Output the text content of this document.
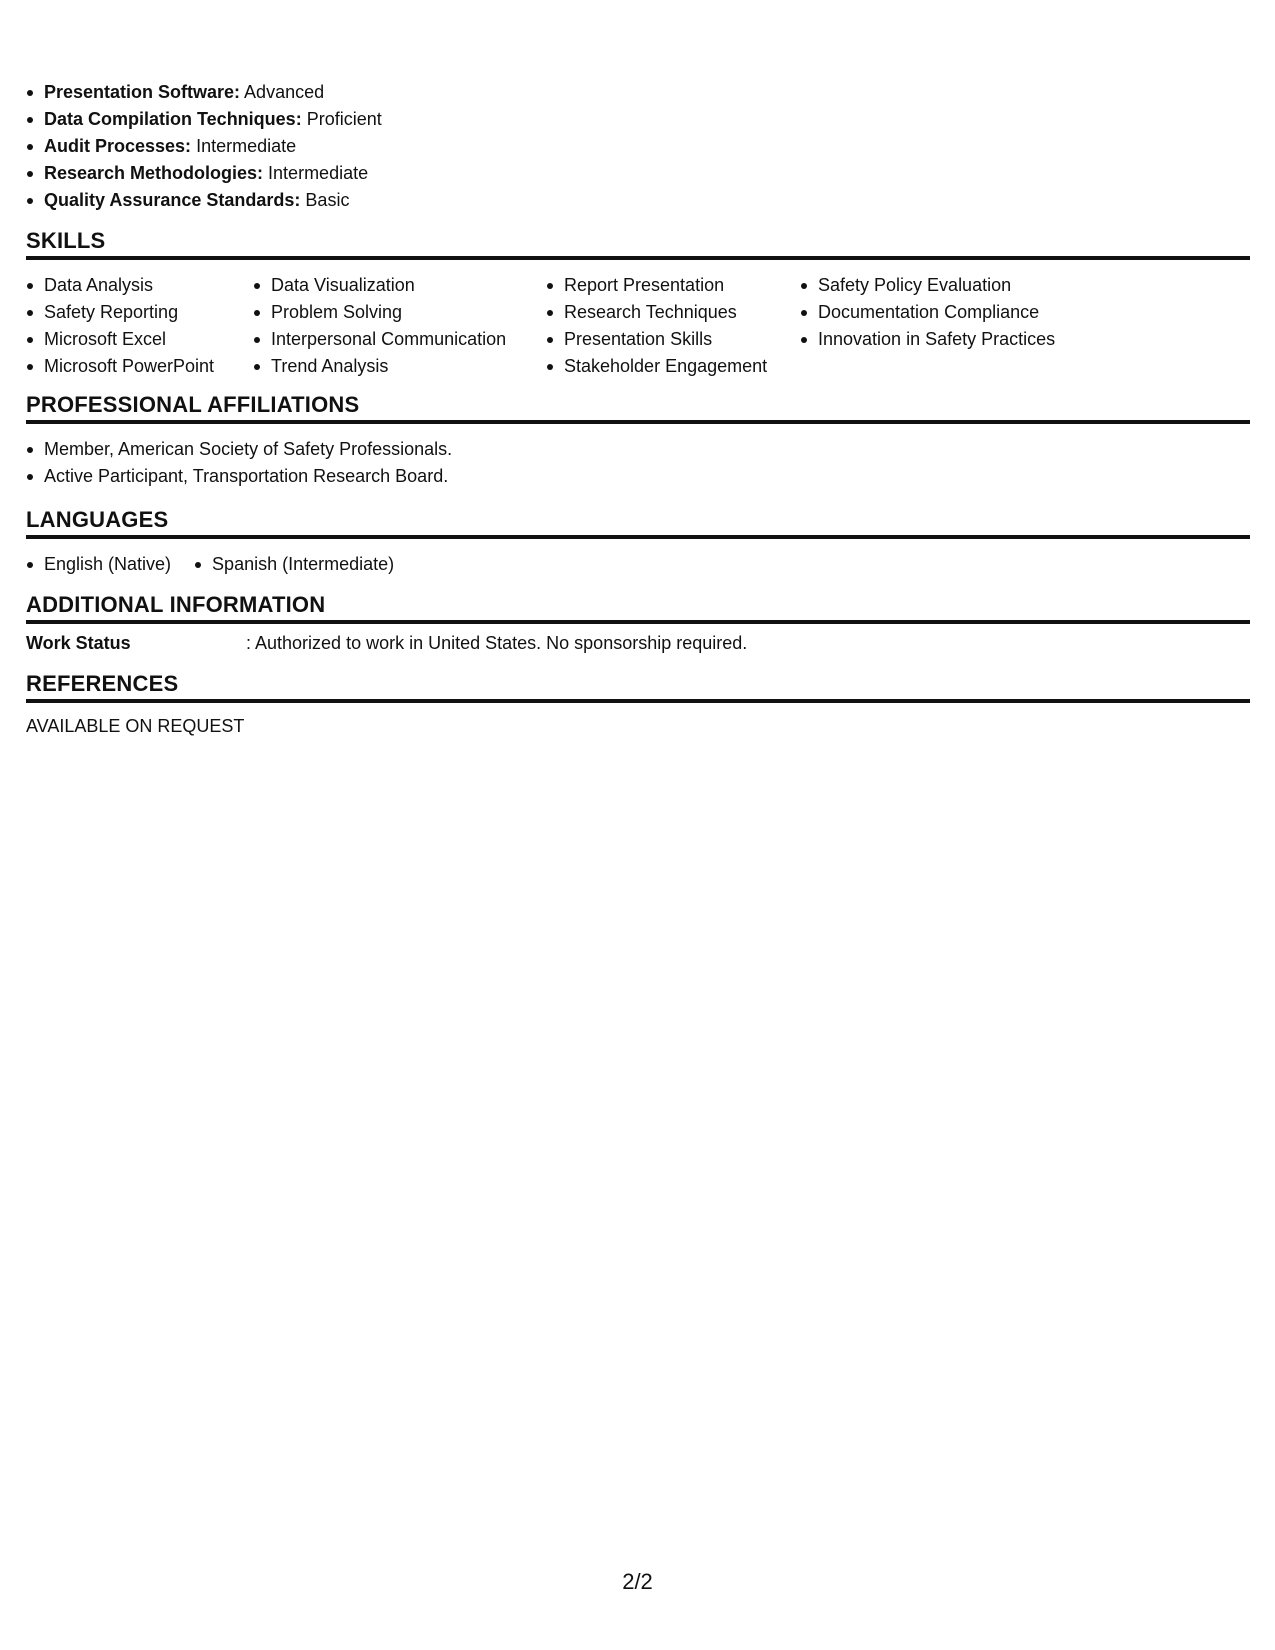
Presentation Software: Advanced
Data Compilation Techniques: Proficient
Audit Processes: Intermediate
Research Methodologies: Intermediate
Quality Assurance Standards: Basic
SKILLS
Data Analysis
Safety Reporting
Microsoft Excel
Microsoft PowerPoint
Data Visualization
Problem Solving
Interpersonal Communication
Trend Analysis
Report Presentation
Research Techniques
Presentation Skills
Stakeholder Engagement
Safety Policy Evaluation
Documentation Compliance
Innovation in Safety Practices
PROFESSIONAL AFFILIATIONS
Member, American Society of Safety Professionals.
Active Participant, Transportation Research Board.
LANGUAGES
English (Native)	Spanish (Intermediate)
ADDITIONAL INFORMATION
Work Status	: Authorized to work in United States. No sponsorship required.
REFERENCES
AVAILABLE ON REQUEST
2/2
